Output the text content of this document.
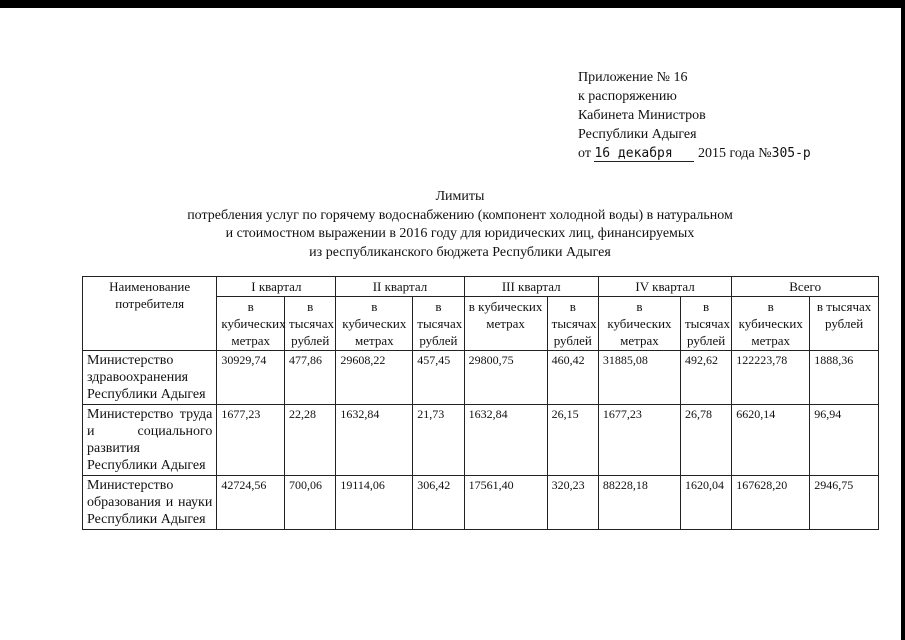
Приложение № 16
к распоряжению
Кабинета Министров
Республики Адыгея
от 16 декабря 2015 года №305-р
Лимиты
потребления услуг по горячему водоснабжению (компонент холодной воды) в натуральном
и стоимостном выражении в 2016 году для юридических лиц, финансируемых
из республиканского бюджета Республики Адыгея
Наименование потребителя	I квартал		II квартал		III квартал		IV квартал		Всего	
	в кубических метрах	в тысячах рублей	в кубических метрах	в тысячах рублей	в кубических метрах	в тысячах рублей	в кубических метрах	в тысячах рублей	в кубических метрах	в тысячах рублей
Министерство здравоохранения Республики Адыгея	30929,74	477,86	29608,22	457,45	29800,75	460,42	31885,08	492,62	122223,78	1888,36
Министерство труда и социального развития Республики Адыгея	1677,23	22,28	1632,84	21,73	1632,84	26,15	1677,23	26,78	6620,14	96,94
Министерство образования и науки Республики Адыгея	42724,56	700,06	19114,06	306,42	17561,40	320,23	88228,18	1620,04	167628,20	2946,75
